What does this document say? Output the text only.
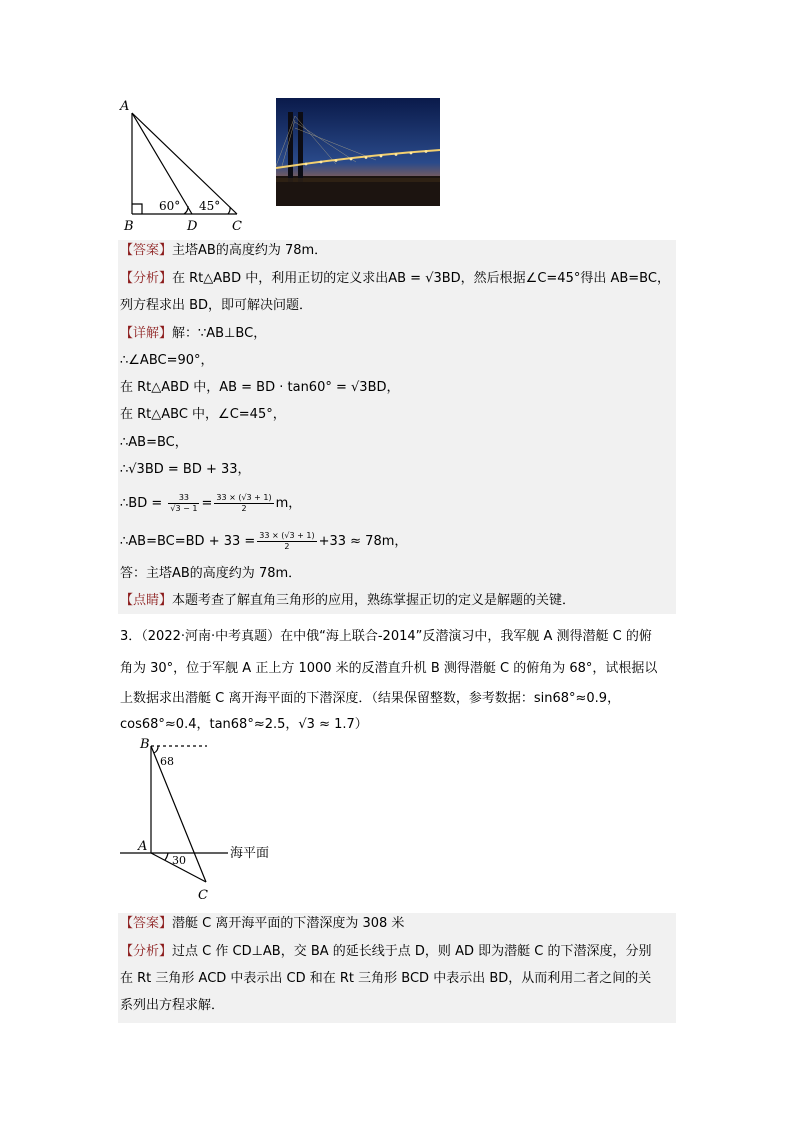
A
B	D	C
60° 45°
【答案】主塔AB的高度约为 78m．
【分析】在 Rt△ABD 中，利用正切的定义求出AB = √3BD，然后根据∠C=45°得出 AB=BC，
列方程求出 BD，即可解决问题．
【详解】解：∵AB⊥BC，
∴∠ABC=90°，
在 Rt△ABD 中，AB = BD · tan60° = √3BD，
在 Rt△ABC 中，∠C=45°，
∴AB=BC，
∴√3BD = BD + 33，
∴BD = $\frac{33}{√3 - 1} = \frac{33 \times (√3 + 1)}{2}$ m，
∴AB=BC=BD + $33 = \frac{33 \times (√3 + 1)}{2} +33 \approx 78m$，
答：主塔AB的高度约为 78m．
【点睛】本题考查了解直角三角形的应用，熟练掌握正切的定义是解题的关键．
3．（2022·河南·中考真题）在中俄“海上联合-2014”反潜演习中，我军舰 A 测得潜艇 C 的俯
角为 30°，位于军舰 A 正上方 1000 米的反潜直升机 B 测得潜艇 C 的俯角为 68°，试根据以
上数据求出潜艇 C 离开海平面的下潜深度．（结果保留整数，参考数据：sin68°≈0.9，
cos68°≈0.4，tan68°≈2.5，√3 ≈ 1.7）
B
A
C
68
30	海平面
【答案】潜艇 C 离开海平面的下潜深度为 308 米
【分析】过点 C 作 CD⊥AB，交 BA 的延长线于点 D，则 AD 即为潜艇 C 的下潜深度，分别
在 Rt 三角形 ACD 中表示出 CD 和在 Rt 三角形 BCD 中表示出 BD，从而利用二者之间的关
系列出方程求解．
